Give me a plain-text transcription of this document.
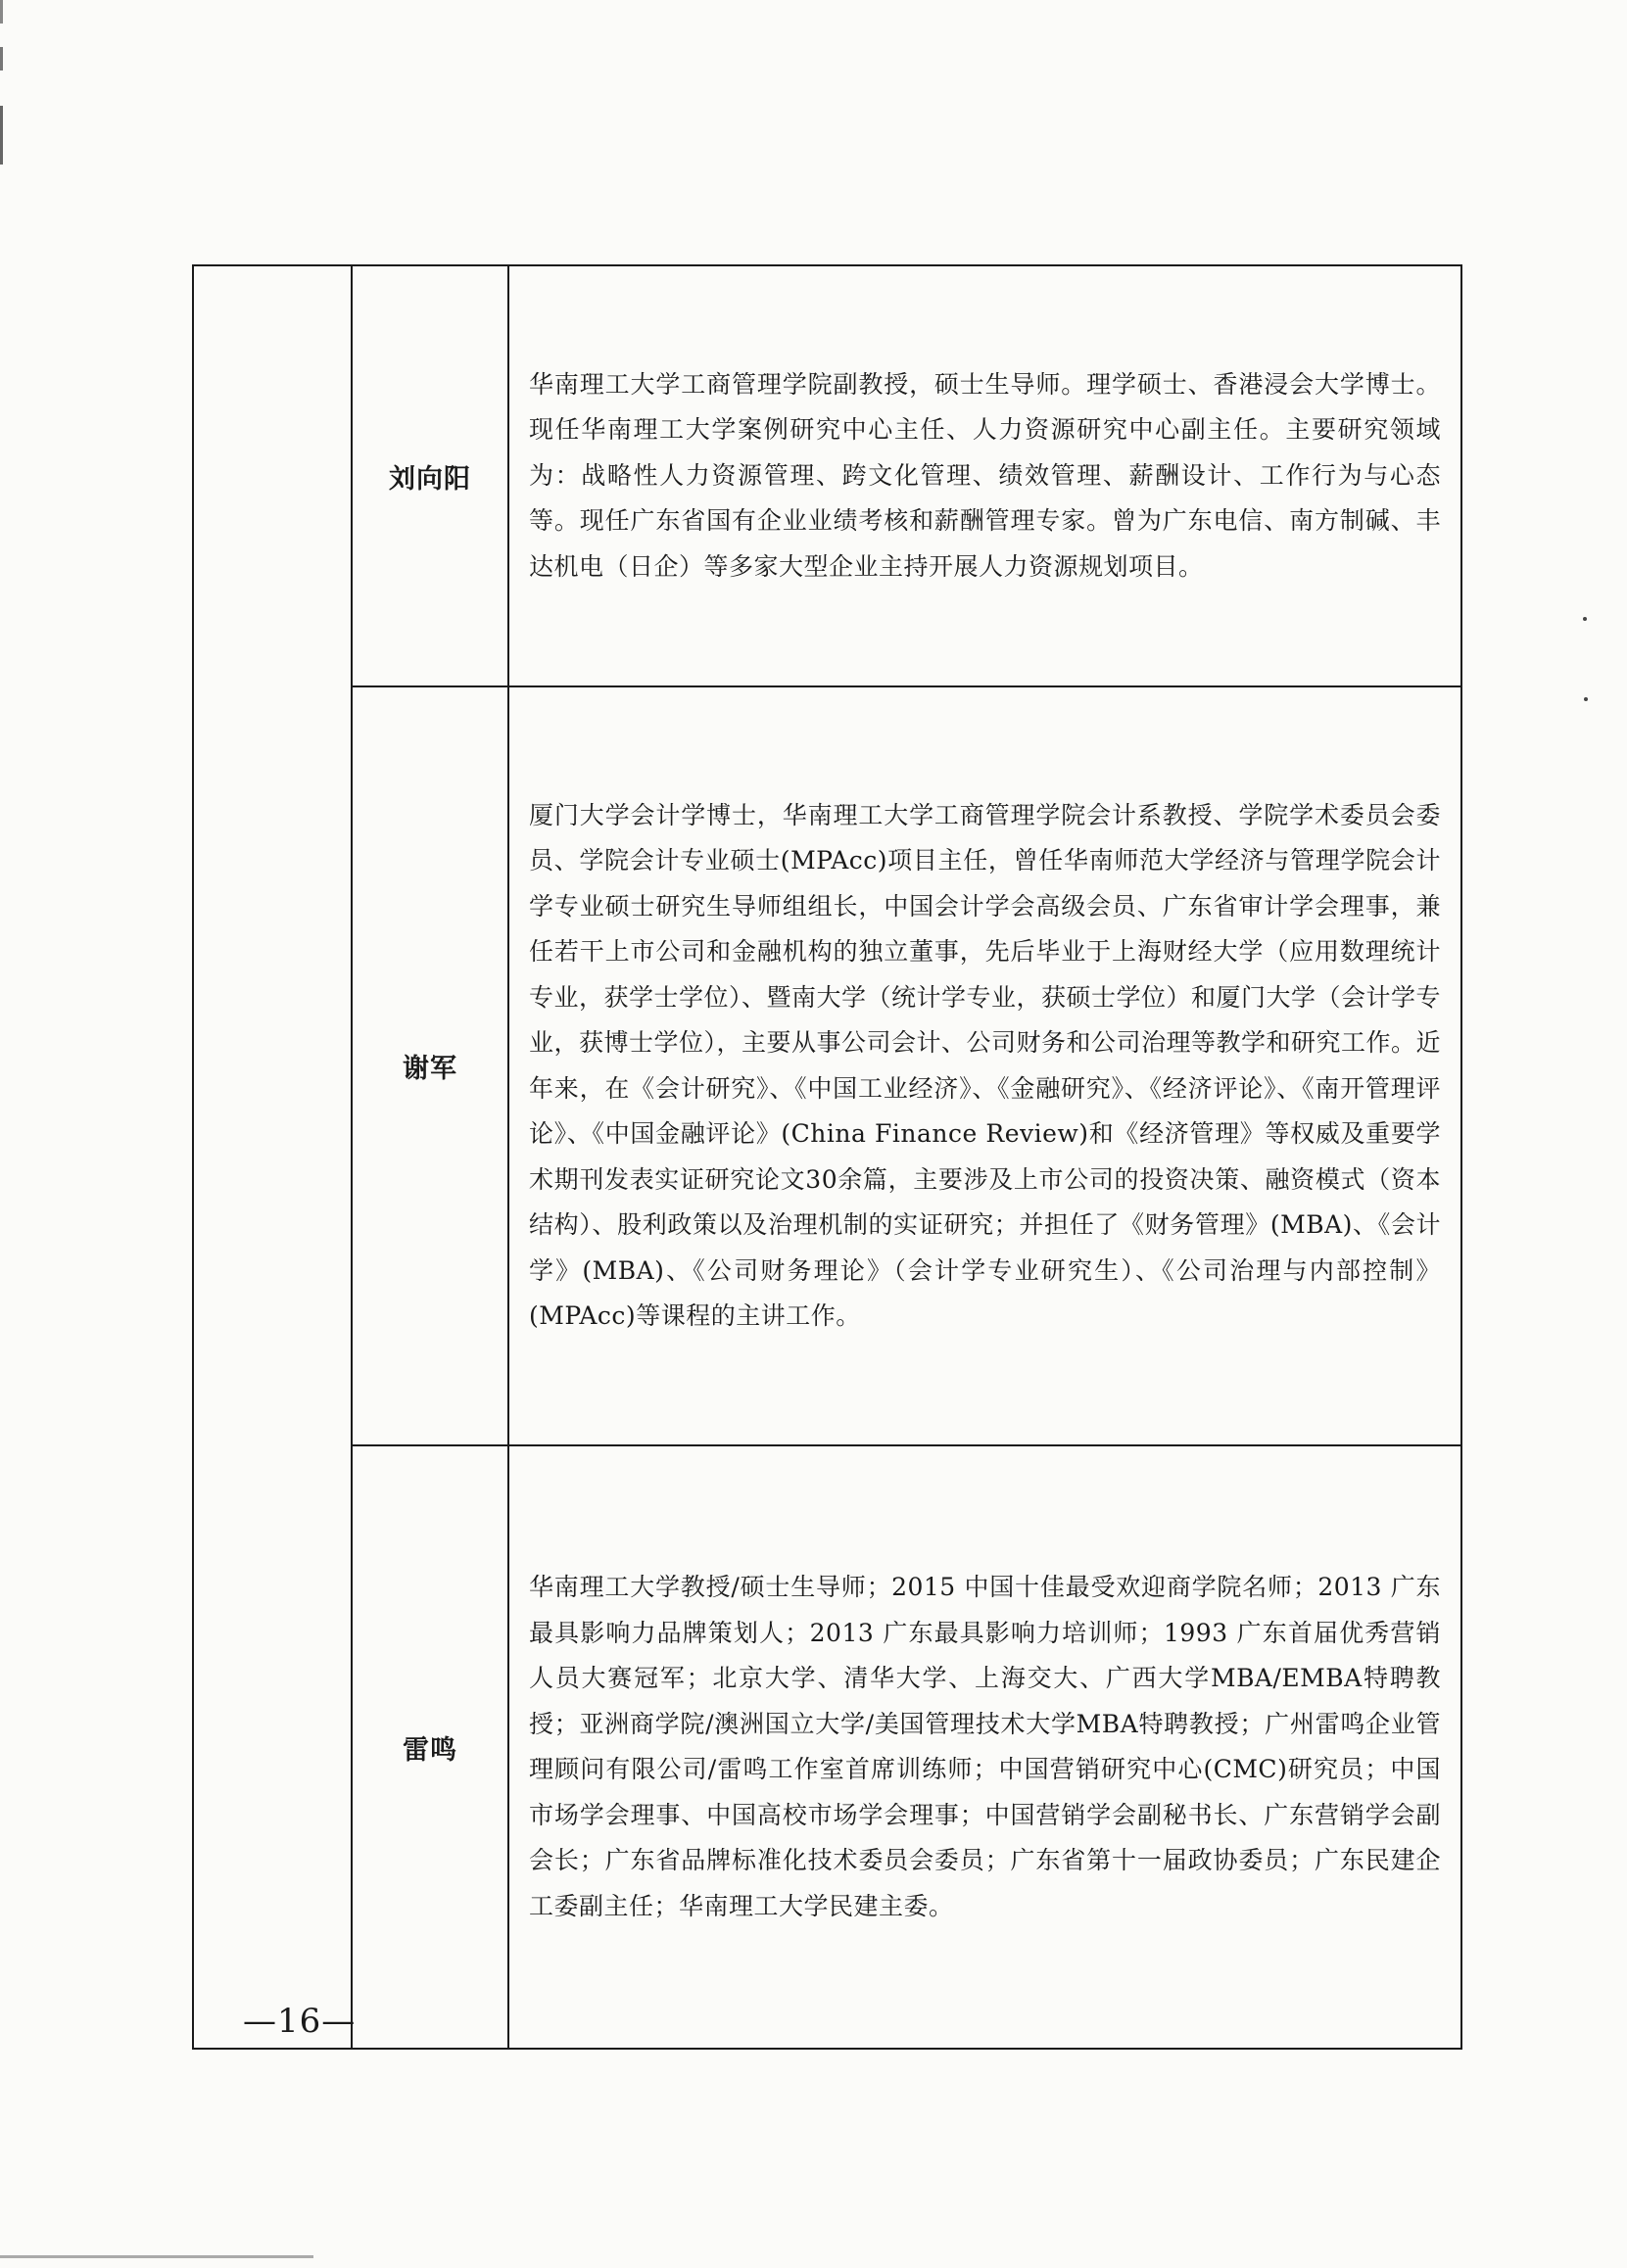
	刘向阳	华南理工大学工商管理学院副教授，硕士生导师。理学硕士、香港浸会大学博士。现任华南理工大学案例研究中心主任、人力资源研究中心副主任。主要研究领域为：战略性人力资源管理、跨文化管理、绩效管理、薪酬设计、工作行为与心态等。现任广东省国有企业业绩考核和薪酬管理专家。曾为广东电信、南方制碱、丰达机电（日企）等多家大型企业主持开展人力资源规划项目。
	谢军	厦门大学会计学博士，华南理工大学工商管理学院会计系教授、学院学术委员会委员、学院会计专业硕士(MPAcc)项目主任，曾任华南师范大学经济与管理学院会计学专业硕士研究生导师组组长，中国会计学会高级会员、广东省审计学会理事，兼任若干上市公司和金融机构的独立董事，先后毕业于上海财经大学（应用数理统计专业，获学士学位）、暨南大学（统计学专业，获硕士学位）和厦门大学（会计学专业，获博士学位），主要从事公司会计、公司财务和公司治理等教学和研究工作。近年来，在《会计研究》、《中国工业经济》、《金融研究》、《经济评论》、《南开管理评论》、《中国金融评论》(China Finance Review)和《经济管理》等权威及重要学术期刊发表实证研究论文30余篇，主要涉及上市公司的投资决策、融资模式（资本结构）、股利政策以及治理机制的实证研究；并担任了《财务管理》(MBA)、《会计学》(MBA)、《公司财务理论》（会计学专业研究生）、《公司治理与内部控制》(MPAcc)等课程的主讲工作。
	雷鸣	华南理工大学教授/硕士生导师；2015 中国十佳最受欢迎商学院名师；2013 广东最具影响力品牌策划人；2013 广东最具影响力培训师；1993 广东首届优秀营销人员大赛冠军；北京大学、清华大学、上海交大、广西大学MBA/EMBA特聘教授；亚洲商学院/澳洲国立大学/美国管理技术大学MBA特聘教授；广州雷鸣企业管理顾问有限公司/雷鸣工作室首席训练师；中国营销研究中心(CMC)研究员；中国市场学会理事、中国高校市场学会理事；中国营销学会副秘书长、广东营销学会副会长；广东省品牌标准化技术委员会委员；广东省第十一届政协委员；广东民建企工委副主任；华南理工大学民建主委。
—16—
